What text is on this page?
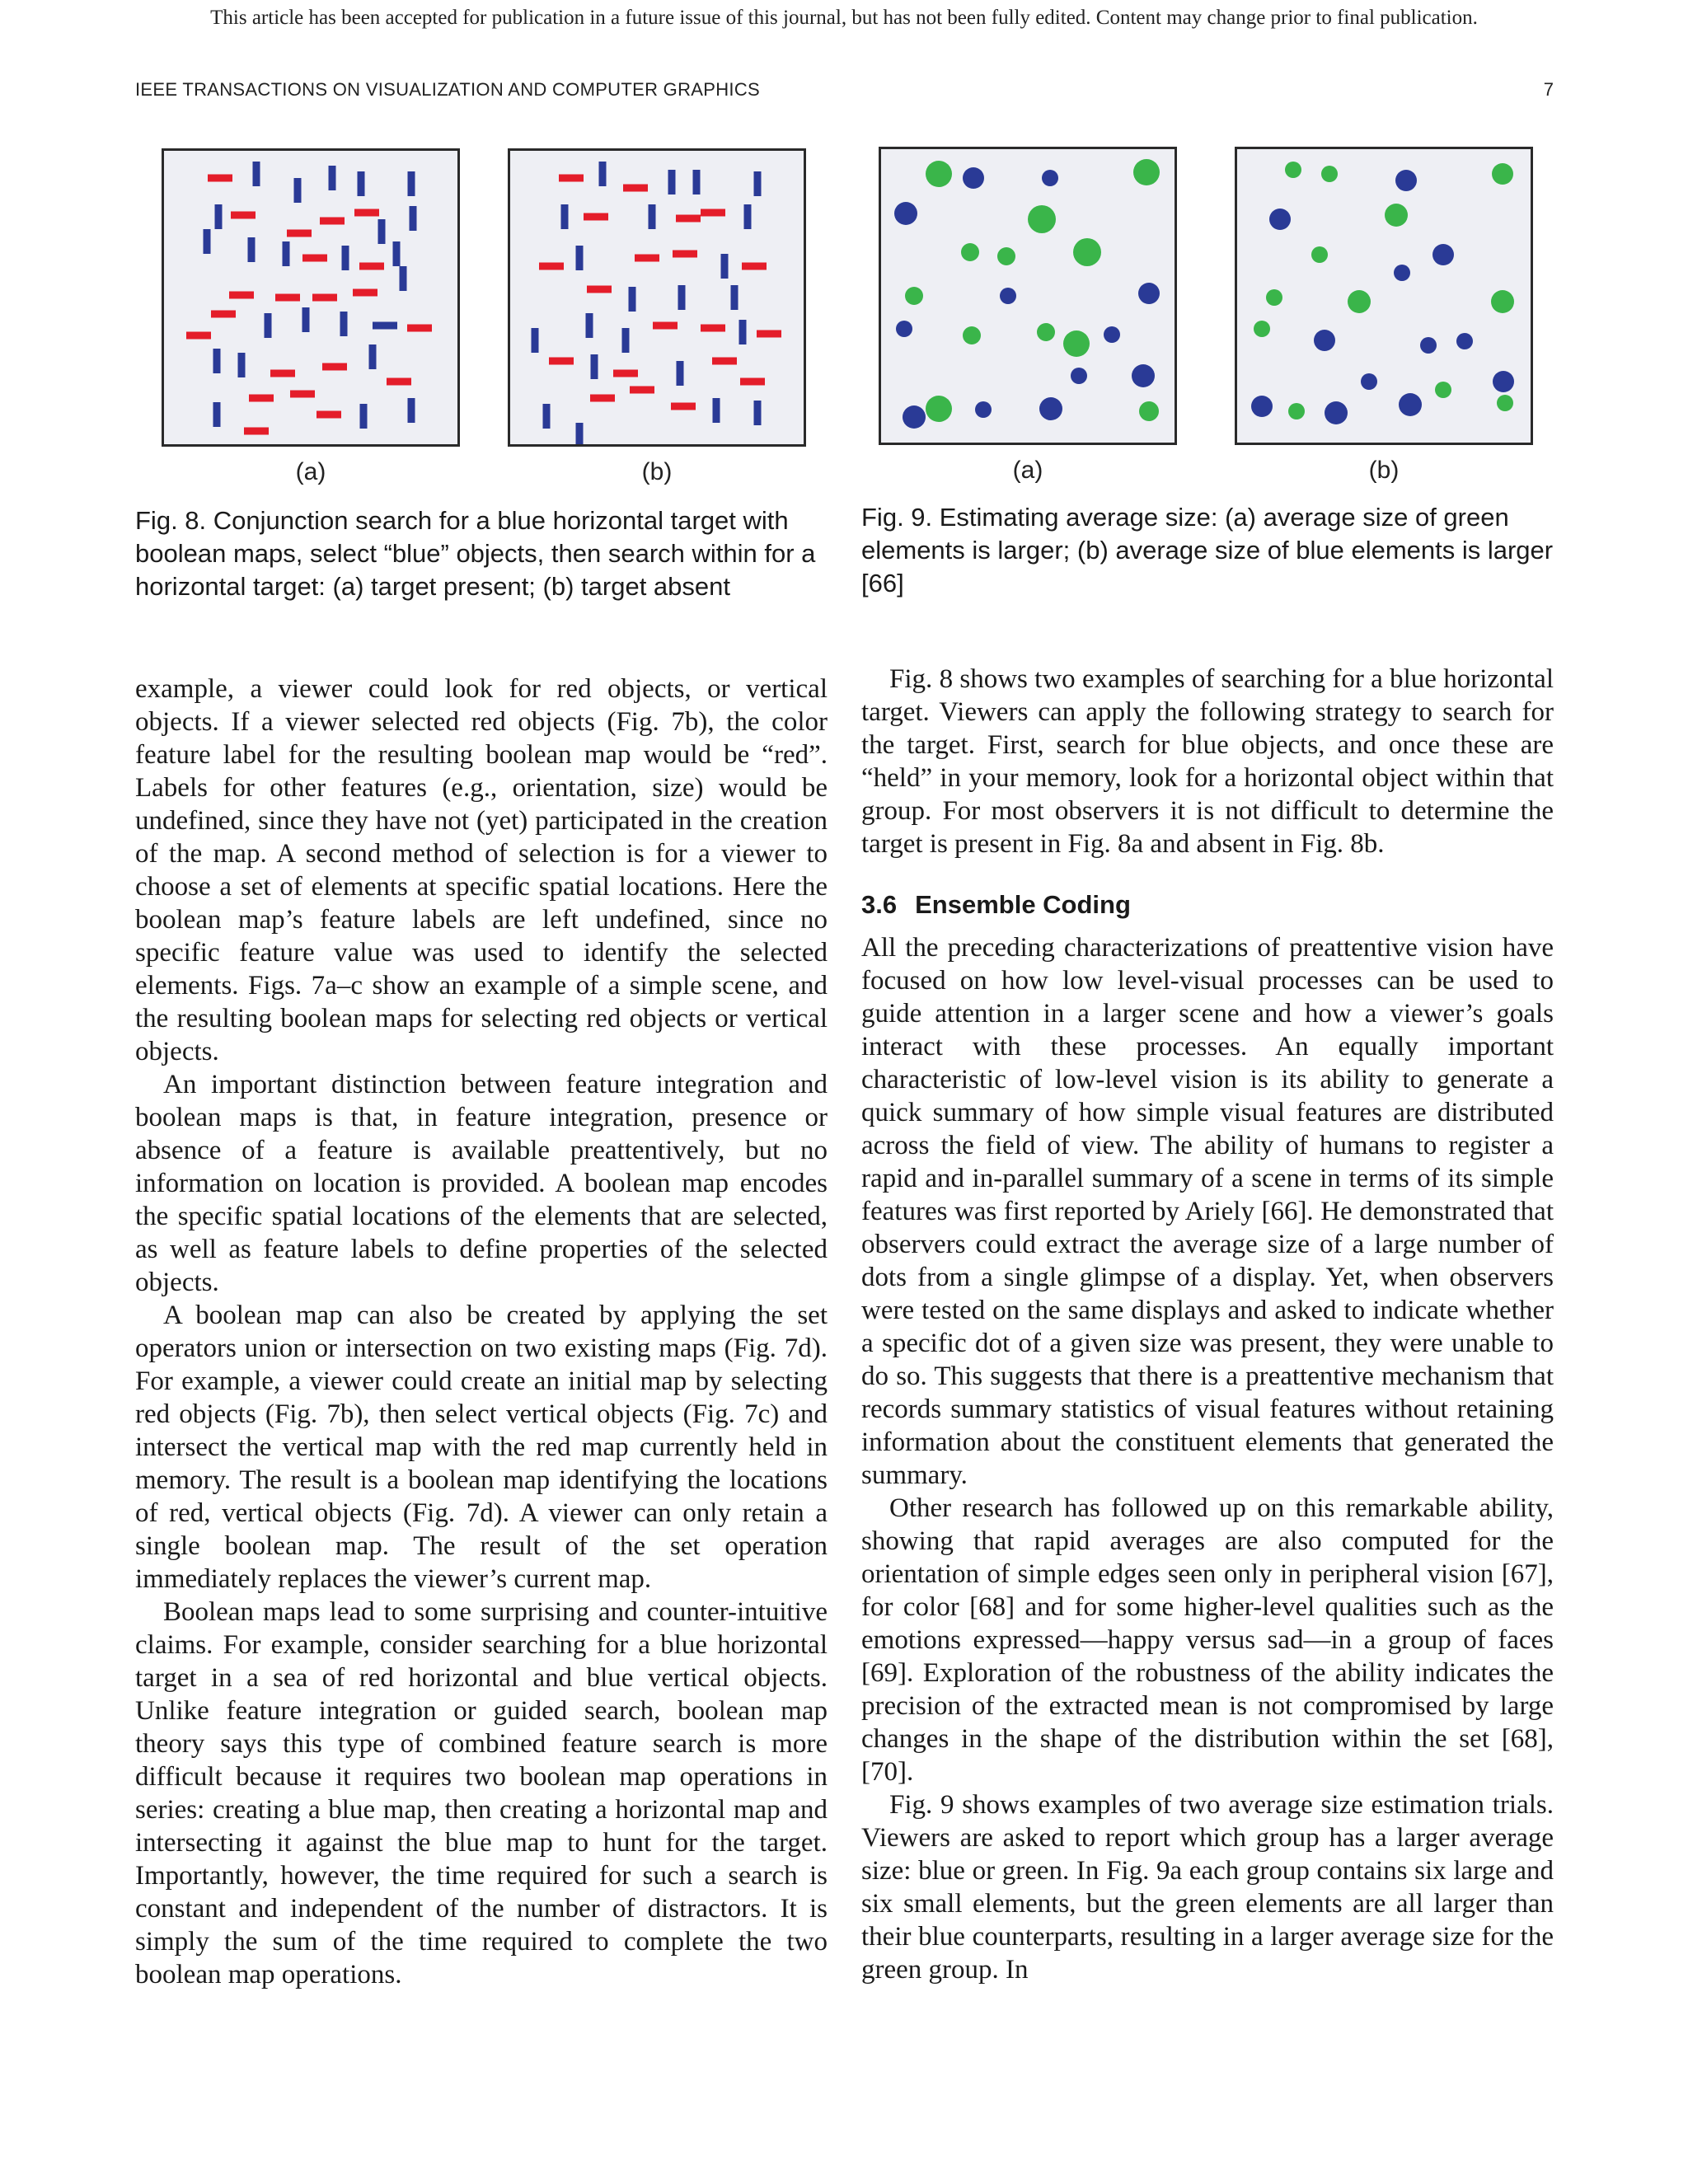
This article has been accepted for publication in a future issue of this journal, but has not been fully edited. Content may change prior to final publication.
IEEE TRANSACTIONS ON VISUALIZATION AND COMPUTER GRAPHICS	7
(a)	(b)
Fig. 8. Conjunction search for a blue horizontal target with boolean maps, select “blue” objects, then search within for a horizontal target: (a) target present; (b) target absent
(a)	(b)
Fig. 9. Estimating average size: (a) average size of green elements is larger; (b) average size of blue elements is larger [66]

example, a viewer could look for red objects, or vertical objects. If a viewer selected red objects (Fig. 7b), the color feature label for the resulting boolean map would be “red”. Labels for other features (e.g., orientation, size) would be undefined, since they have not (yet) participated in the creation of the map. A second method of selection is for a viewer to choose a set of elements at specific spatial locations. Here the boolean map’s feature labels are left undefined, since no specific feature value was used to identify the selected elements. Figs. 7a–c show an example of a simple scene, and the resulting boolean maps for selecting red objects or vertical objects.

An important distinction between feature integration and boolean maps is that, in feature integration, presence or absence of a feature is available preattentively, but no information on location is provided. A boolean map encodes the specific spatial locations of the elements that are selected, as well as feature labels to define properties of the selected objects.

A boolean map can also be created by applying the set operators union or intersection on two existing maps (Fig. 7d). For example, a viewer could create an initial map by selecting red objects (Fig. 7b), then select vertical objects (Fig. 7c) and intersect the vertical map with the red map currently held in memory. The result is a boolean map identifying the locations of red, vertical objects (Fig. 7d). A viewer can only retain a single boolean map. The result of the set operation immediately replaces the viewer’s current map.

Boolean maps lead to some surprising and counter-intuitive claims. For example, consider searching for a blue horizontal target in a sea of red horizontal and blue vertical objects. Unlike feature integration or guided search, boolean map theory says this type of combined feature search is more difficult because it requires two boolean map operations in series: creating a blue map, then creating a horizontal map and intersecting it against the blue map to hunt for the target. Importantly, however, the time required for such a search is constant and independent of the number of distractors. It is simply the sum of the time required to complete the two boolean map operations.

Fig. 8 shows two examples of searching for a blue horizontal target. Viewers can apply the following strategy to search for the target. First, search for blue objects, and once these are “held” in your memory, look for a horizontal object within that group. For most observers it is not difficult to determine the target is present in Fig. 8a and absent in Fig. 8b.

3.6 Ensemble Coding

All the preceding characterizations of preattentive vision have focused on how low level-visual processes can be used to guide attention in a larger scene and how a viewer’s goals interact with these processes. An equally important characteristic of low-level vision is its ability to generate a quick summary of how simple visual features are distributed across the field of view. The ability of humans to register a rapid and in-parallel summary of a scene in terms of its simple features was first reported by Ariely [66]. He demonstrated that observers could extract the average size of a large number of dots from a single glimpse of a display. Yet, when observers were tested on the same displays and asked to indicate whether a specific dot of a given size was present, they were unable to do so. This suggests that there is a preattentive mechanism that records summary statistics of visual features without retaining information about the constituent elements that generated the summary.

Other research has followed up on this remarkable ability, showing that rapid averages are also computed for the orientation of simple edges seen only in peripheral vision [67], for color [68] and for some higher-level qualities such as the emotions expressed—happy versus sad—in a group of faces [69]. Exploration of the robustness of the ability indicates the precision of the extracted mean is not compromised by large changes in the shape of the distribution within the set [68], [70].

Fig. 9 shows examples of two average size estimation trials. Viewers are asked to report which group has a larger average size: blue or green. In Fig. 9a each group contains six large and six small elements, but the green elements are all larger than their blue counterparts, resulting in a larger average size for the green group. In
